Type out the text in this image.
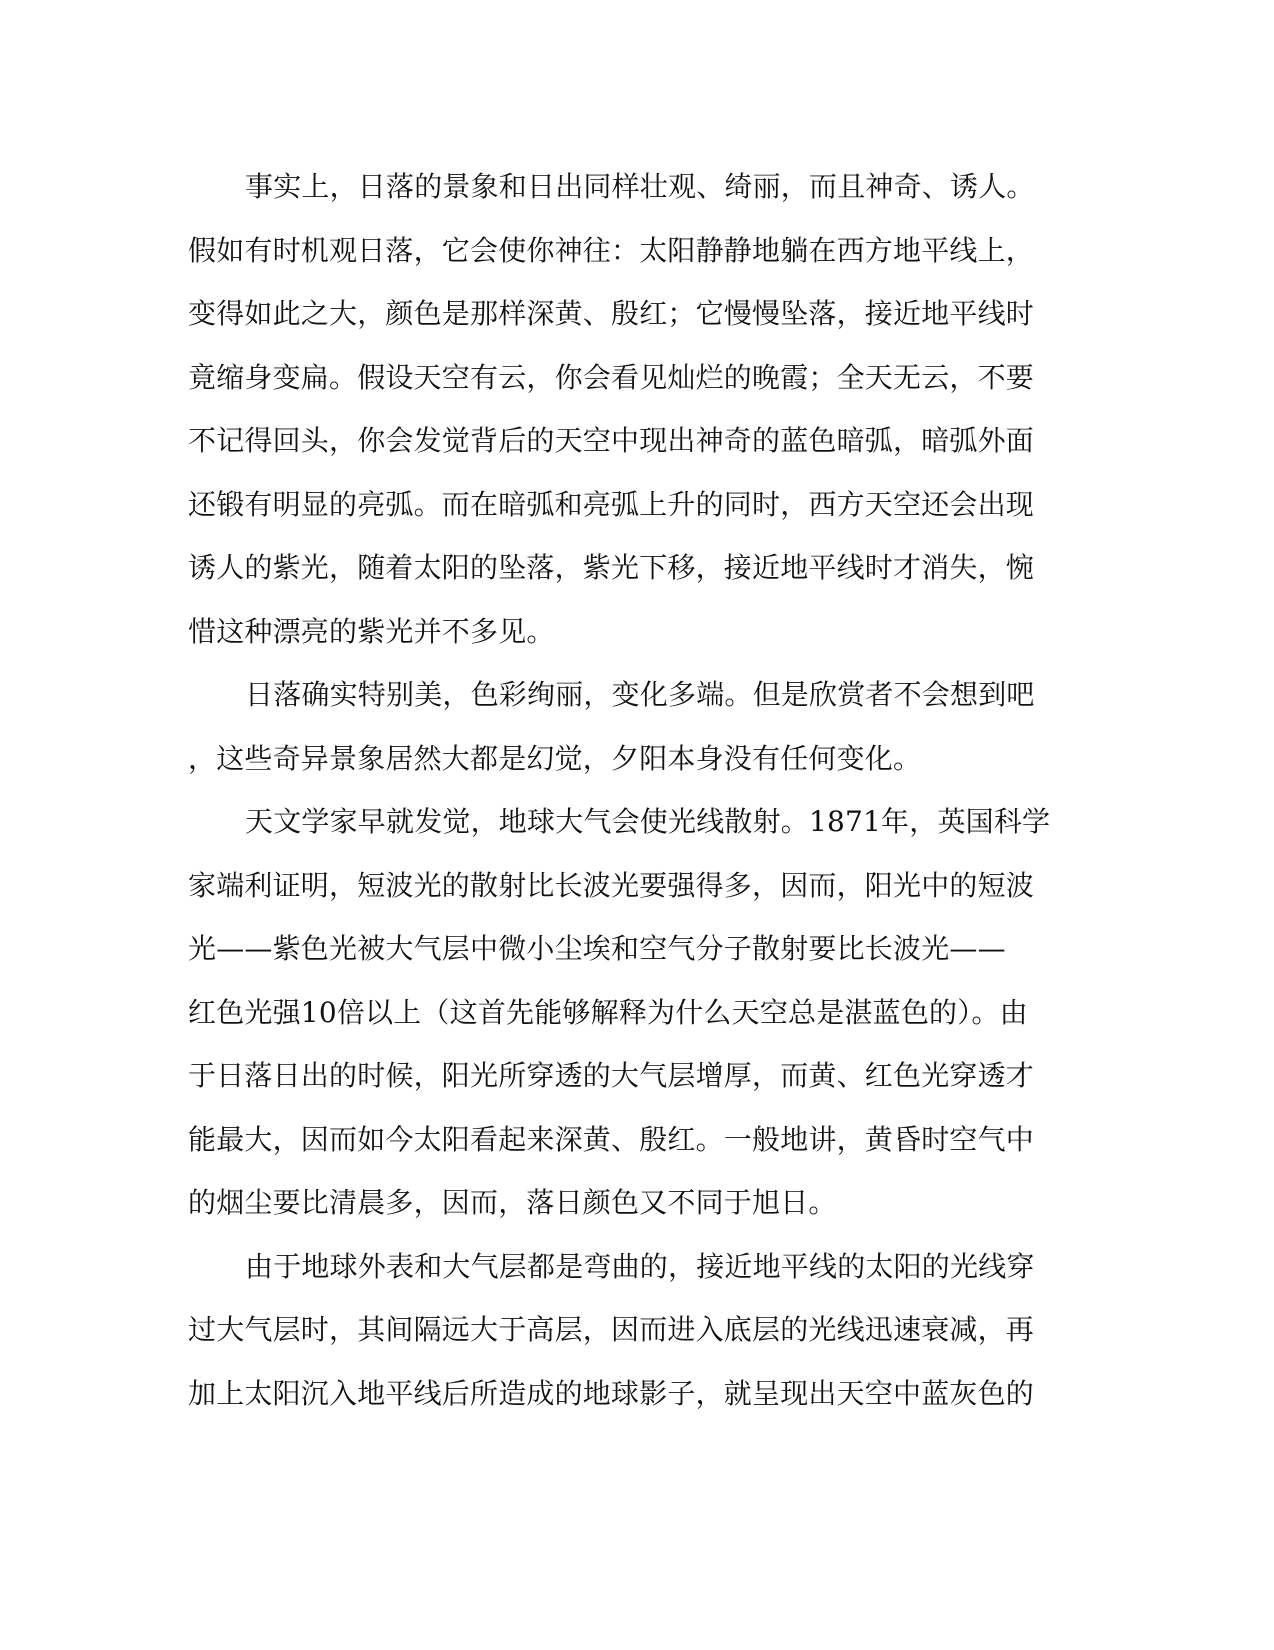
事实上，日落的景象和日出同样壮观、绮丽，而且神奇、诱人。
假如有时机观日落，它会使你神往：太阳静静地躺在西方地平线上，
变得如此之大，颜色是那样深黄、殷红；它慢慢坠落，接近地平线时
竟缩身变扁。假设天空有云，你会看见灿烂的晚霞；全天无云，不要
不记得回头，你会发觉背后的天空中现出神奇的蓝色暗弧，暗弧外面
还锻有明显的亮弧。而在暗弧和亮弧上升的同时，西方天空还会出现
诱人的紫光，随着太阳的坠落，紫光下移，接近地平线时才消失，惋
惜这种漂亮的紫光并不多见。
日落确实特别美，色彩绚丽，变化多端。但是欣赏者不会想到吧
，这些奇异景象居然大都是幻觉，夕阳本身没有任何变化。
天文学家早就发觉，地球大气会使光线散射。1871年，英国科学
家端利证明，短波光的散射比长波光要强得多，因而，阳光中的短波
光——紫色光被大气层中微小尘埃和空气分子散射要比长波光——
红色光强10倍以上（这首先能够解释为什么天空总是湛蓝色的）。由
于日落日出的时候，阳光所穿透的大气层增厚，而黄、红色光穿透才
能最大，因而如今太阳看起来深黄、殷红。一般地讲，黄昏时空气中
的烟尘要比清晨多，因而，落日颜色又不同于旭日。
由于地球外表和大气层都是弯曲的，接近地平线的太阳的光线穿
过大气层时，其间隔远大于高层，因而进入底层的光线迅速衰减，再
加上太阳沉入地平线后所造成的地球影子，就呈现出天空中蓝灰色的
